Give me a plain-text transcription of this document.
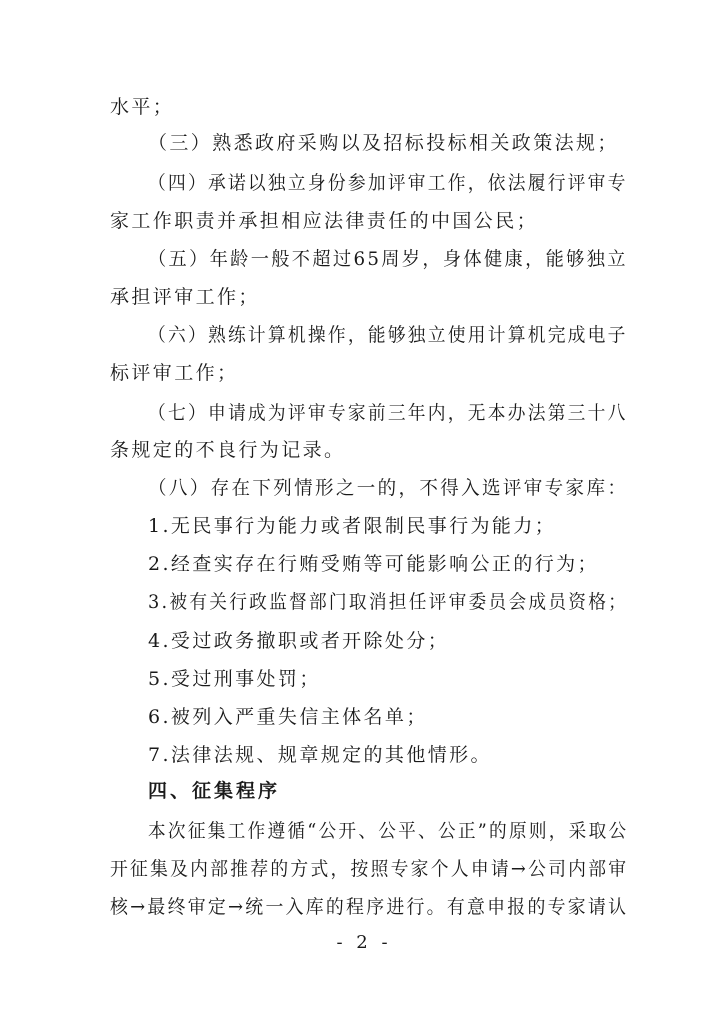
水平；
（三）熟悉政府采购以及招标投标相关政策法规；
（四）承诺以独立身份参加评审工作，依法履行评审专
家工作职责并承担相应法律责任的中国公民；
（五）年龄一般不超过65周岁，身体健康，能够独立
承担评审工作；
（六）熟练计算机操作，能够独立使用计算机完成电子
标评审工作；
（七）申请成为评审专家前三年内，无本办法第三十八
条规定的不良行为记录。
（八）存在下列情形之一的，不得入选评审专家库：
1.无民事行为能力或者限制民事行为能力；
2.经查实存在行贿受贿等可能影响公正的行为；
3.被有关行政监督部门取消担任评审委员会成员资格；
4.受过政务撤职或者开除处分；
5.受过刑事处罚；
6.被列入严重失信主体名单；
7.法律法规、规章规定的其他情形。
四、征集程序
本次征集工作遵循“公开、公平、公正”的原则，采取公
开征集及内部推荐的方式，按照专家个人申请→公司内部审
核→最终审定→统一入库的程序进行。有意申报的专家请认
- 2 -
